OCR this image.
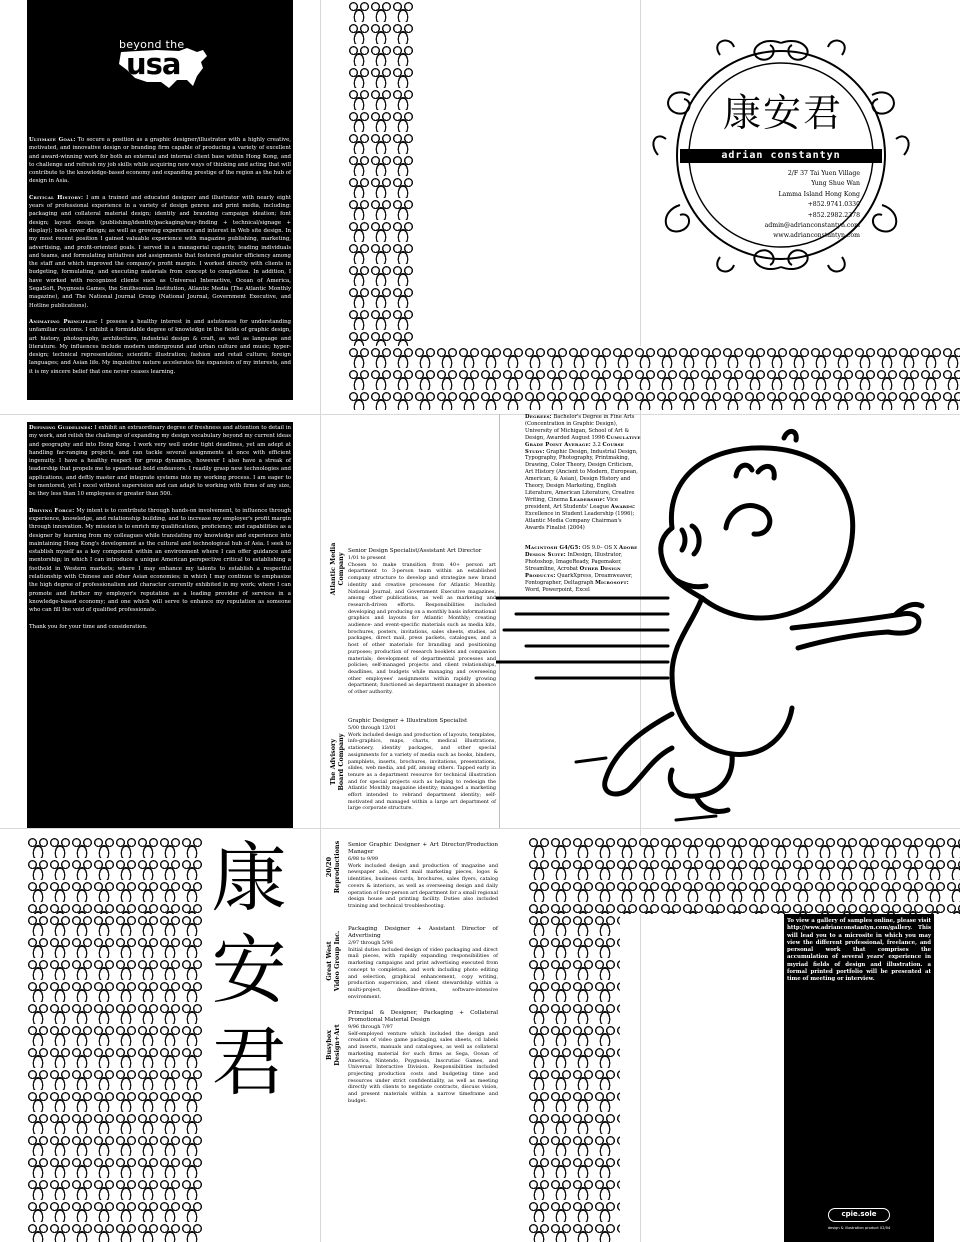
beyond the
usa

Ultimate Goal: To secure a position as a graphic designer/illustrator with a highly creative, motivated, and innovative design or branding firm capable of producing a variety of excellent and award-winning work for both an external and internal client base within Hong Kong, and to challenge and refresh my job skills while acquiring new ways of thinking and acting that will contribute to the knowledge-based economy and expanding prestige of the region as the hub of design in Asia.

Critical History: I am a trained and educated designer and illustrator with nearly eight years of professional experience in a variety of design genres and print media, including: packaging and collateral material design; identity and branding campaign ideation; font design; layout design (publishing/identity/packaging/way-finding + technical/signage + display); book cover design; as well as growing experience and interest in Web site design. In my most recent position I gained valuable experience with magazine publishing, marketing, advertising, and profit-oriented goals. I served in a managerial capacity, leading individuals and teams, and formulating initiatives and assignments that fostered greater efficiency among the staff and which improved the company's profit margin. I worked directly with clients in budgeting, formulating, and executing materials from concept to completion. In addition, I have worked with recognized clients such as Universal Interactive, Ocean of America, SegaSoft, Psygnosis Games, the Smithsonian Institution, Atlantic Media (The Atlantic Monthly magazine), and The National Journal Group (National Journal, Government Executive, and Hotline publications).

Animating Principles: I possess a healthy interest in and astuteness for understanding unfamiliar customs. I exhibit a formidable degree of knowledge in the fields of graphic design, art history, photography, architecture, industrial design & craft, as well as language and literature. My influences include modern underground and urban culture and music; hyper-design; technical representation; scientific illustration; fashion and retail culture; foreign languages; and Asian life. My inquisitive nature accelerates the expansion of my interests, and it is my sincere belief that one never ceases learning.

Defining Guidelines: I exhibit an extraordinary degree of freshness and attention to detail in my work, and relish the challenge of expanding my design vocabulary beyond my current ideas and geography and into Hong Kong. I work very well under tight deadlines, yet am adept at handling far-ranging projects, and can tackle several assignments at once with efficient ingenuity. I have a healthy respect for group dynamics, however I also have a streak of leadership that propels me to spearhead bold endeavors. I readily grasp new technologies and applications, and deftly master and integrate systems into my working process. I am eager to be mentored, yet I excel without supervision and can adapt to working with firms of any size, be they less than 10 employees or greater than 500.

Driving Force: My intent is to contribute through hands-on involvement, to influence through experience, knowledge, and relationship building, and to increase my employer's profit margin through innovation. My mission is to enrich my qualifications, proficiency, and capabilities as a designer by learning from my colleagues while translating my knowledge and experience into maintaining Hong Kong's development as the cultural and technological hub of Asia. I seek to establish myself as a key component within an environment where I can offer guidance and mentorship; in which I can introduce a unique American perspective critical to establishing a foothold in Western markets; where I may enhance my talents to establish a respectful relationship with Chinese and other Asian economies; in which I may continue to emphasize the high degree of professionalism and character currently exhibited in my work; where I can promote and further my employer's reputation as a leading provider of services in a knowledge-based economy; and one which will serve to enhance my reputation as someone who can fill the void of qualified professionals.

Thank you for your time and consideration.

康安君
adrian constantyn
2/F 37 Tai Yuen Village
Yung Shue Wan
Lamma Island Hong Kong
+852.9741.0330
+852.2982.2378
admin@adrianconstantyn.com
www.adrianconstantyn.com
Atlantic Media Company
Senior Design Specialist/Assistant Art Director
1/01 to present
Chosen to make transition from 40+ person art department to 3-person team within an established company structure to develop and strategize new brand identity and creative processes for Atlantic Monthly, National Journal, and Government Executive magazines, among other publications, as well as marketing and research-driven efforts. Responsibilities included developing and producing on a monthly basis informational graphics and layouts for Atlantic Monthly; creating audience- and event-specific materials such as media kits, brochures, posters, invitations, sales sheets, studies, ad packages, direct mail, press packets, catalogues, and a host of other materials for branding and positioning purposes; production of research booklets and companion materials; development of departmental processes and policies; self-managed projects and client relationships, deadlines, and budgets while managing and overseeing other employees' assignments within rapidly growing department; functioned as department manager in absence of other authority.
The Advisory Board Company
Graphic Designer + Illustration Specialist
5/00 through 12/01
Work included design and production of layouts, templates, info-graphics, maps, charts, medical illustrations, stationery, identity packages, and other special assignments for a variety of media such as books, binders, pamphlets, inserts, brochures, invitations, presentations, slides, web media, and pdf, among others. Tapped early in tenure as a department resource for technical illustration and for special projects such as helping to redesign the Atlantic Monthly magazine identity; managed a marketing effort intended to rebrand department identity; self-motivated and managed within a large art department of large corporate structure.
Degrees: Bachelor's Degree in Fine Arts (Concentration in Graphic Design), University of Michigan, School of Art & Design, Awarded August 1996 Cumulative Grade Point Average: 3.2 Course Study: Graphic Design, Industrial Design, Typography, Photography, Printmaking, Drawing, Color Theory, Design Criticism, Art History (Ancient to Modern, European, American, & Asian), Design History and Theory, Design Marketing, English Literature, American Literature, Creative Writing, Cinema Leadership: Vice president, Art Students' League Awards: Excellence in Student Leadership (1996); Atlantic Media Company Chairman's Awards Finalist (2004)
Macintosh G4/G5: OS 9.0– OS X Adobe Design Suite: InDesign, Illustrator, Photoshop, ImageReady, Pagemaker, Streamline, Acrobat Other Design Products: QuarkXpress, Dreamweaver, Fontographer, Deltagraph Microsoft: Word, Powerpoint, Excel
康
安
君
20/20 Reproductions Senior Graphic Designer + Art Director/Production Manager
6/98 to 9/99
Work included design and production of magazine and newspaper ads, direct mail marketing pieces, logos & identities, business cards, brochures, sales flyers, catalog covers & interiors, as well as overseeing design and daily operation of four-person art department for a small regional design house and printing facility. Duties also included training and technical troubleshooting.
Great West Video Group Inc.
Packaging Designer + Assistant Director of Advertising
2/97 through 5/98
Initial duties included design of video packaging and direct mail pieces, with rapidly expanding responsibilities of marketing campaigns and print advertising executed from concept to completion, and work including photo editing and selection, graphical enhancement, copy writing, production supervision, and client stewardship within a multi-project, deadline-driven, software-intensive environment.
Busybox Design+Art
Principal & Designer, Packaging + Collateral Promotional Material Design
9/96 through 7/97
Self-employed venture which included the design and creation of video game packaging, sales sheets, cd labels and inserts, manuals and catalogues, as well as collateral marketing material for such firms as Sega, Ocean of America, Nintendo, Psygnosis, Inscrutiac Games, and Universal Interactive Division. Responsibilities included projecting production costs and budgeting time and resources under strict confidentiality, as well as meeting directly with clients to negotiate contracts, discuss vision, and present materials within a narrow timeframe and budget.
To view a gallery of samples online, please visit http://www.adrianconstantyn.com/gallery. This will lead you to a microsite in which you may view the different professional, freelance, and personal work that comprises the accumulation of several years' experience in myriad fields of design and illustration. a formal printed portfolio will be presented at time of meeting or interview.
cpie.sole
design & illustration product 02/04
